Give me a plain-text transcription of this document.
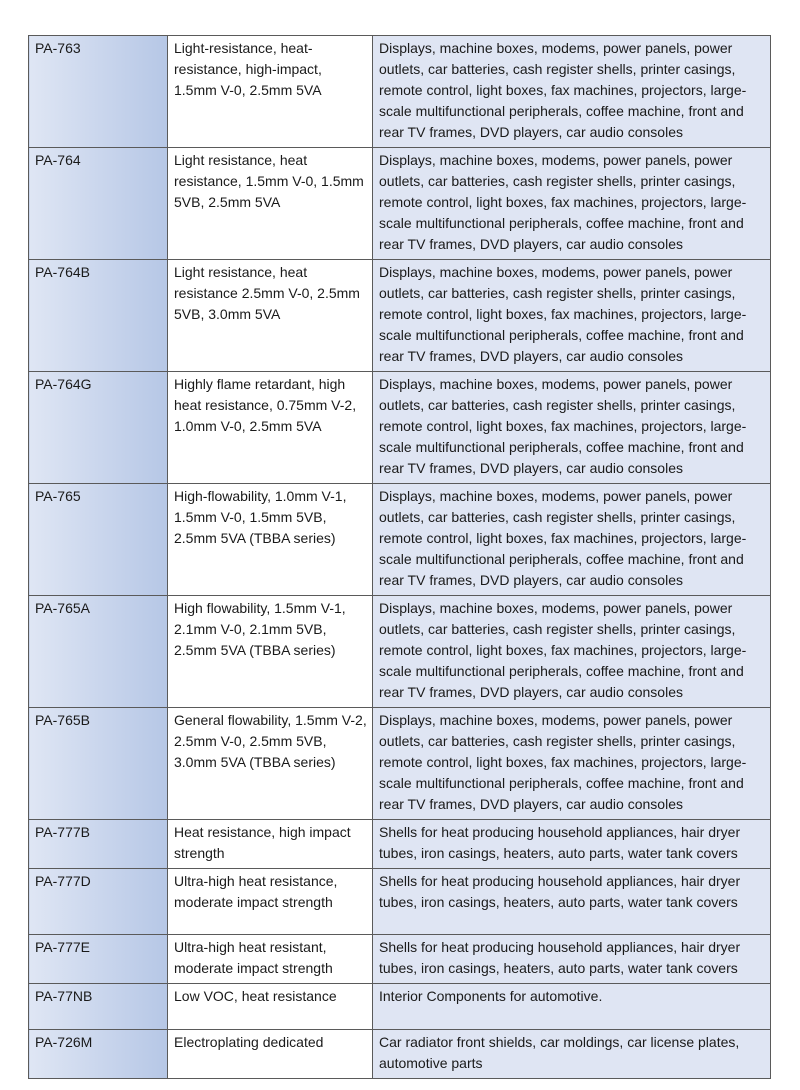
PA-763	Light-resistance, heat-resistance, high-impact, 1.5mm V-0, 2.5mm 5VA	Displays, machine boxes, modems, power panels, power outlets, car batteries, cash register shells, printer casings, remote control, light boxes, fax machines, projectors, large-scale multifunctional peripherals, coffee machine, front and rear TV frames, DVD players, car audio consoles
PA-764	Light resistance, heat resistance, 1.5mm V-0, 1.5mm 5VB, 2.5mm 5VA	Displays, machine boxes, modems, power panels, power outlets, car batteries, cash register shells, printer casings, remote control, light boxes, fax machines, projectors, large-scale multifunctional peripherals, coffee machine, front and rear TV frames, DVD players, car audio consoles
PA-764B	Light resistance, heat resistance 2.5mm V-0, 2.5mm 5VB, 3.0mm 5VA	Displays, machine boxes, modems, power panels, power outlets, car batteries, cash register shells, printer casings, remote control, light boxes, fax machines, projectors, large-scale multifunctional peripherals, coffee machine, front and rear TV frames, DVD players, car audio consoles
PA-764G	Highly flame retardant, high heat resistance, 0.75mm V-2, 1.0mm V-0, 2.5mm 5VA	Displays, machine boxes, modems, power panels, power outlets, car batteries, cash register shells, printer casings, remote control, light boxes, fax machines, projectors, large-scale multifunctional peripherals, coffee machine, front and rear TV frames, DVD players, car audio consoles
PA-765	High-flowability, 1.0mm V-1, 1.5mm V-0, 1.5mm 5VB, 2.5mm 5VA (TBBA series)	Displays, machine boxes, modems, power panels, power outlets, car batteries, cash register shells, printer casings, remote control, light boxes, fax machines, projectors, large-scale multifunctional peripherals, coffee machine, front and rear TV frames, DVD players, car audio consoles
PA-765A	High flowability, 1.5mm V-1, 2.1mm V-0, 2.1mm 5VB, 2.5mm 5VA (TBBA series)	Displays, machine boxes, modems, power panels, power outlets, car batteries, cash register shells, printer casings, remote control, light boxes, fax machines, projectors, large-scale multifunctional peripherals, coffee machine, front and rear TV frames, DVD players, car audio consoles
PA-765B	General flowability, 1.5mm V-2, 2.5mm V-0, 2.5mm 5VB, 3.0mm 5VA (TBBA series)	Displays, machine boxes, modems, power panels, power outlets, car batteries, cash register shells, printer casings, remote control, light boxes, fax machines, projectors, large-scale multifunctional peripherals, coffee machine, front and rear TV frames, DVD players, car audio consoles
PA-777B	Heat resistance, high impact strength	Shells for heat producing household appliances, hair dryer tubes, iron casings, heaters, auto parts, water tank covers
PA-777D	Ultra-high heat resistance, moderate impact strength	Shells for heat producing household appliances, hair dryer tubes, iron casings, heaters, auto parts, water tank covers
PA-777E	Ultra-high heat resistant, moderate impact strength	Shells for heat producing household appliances, hair dryer tubes, iron casings, heaters, auto parts, water tank covers
PA-77NB	Low VOC, heat resistance	Interior Components for automotive.
PA-726M	Electroplating dedicated	Car radiator front shields, car moldings, car license plates, automotive parts
